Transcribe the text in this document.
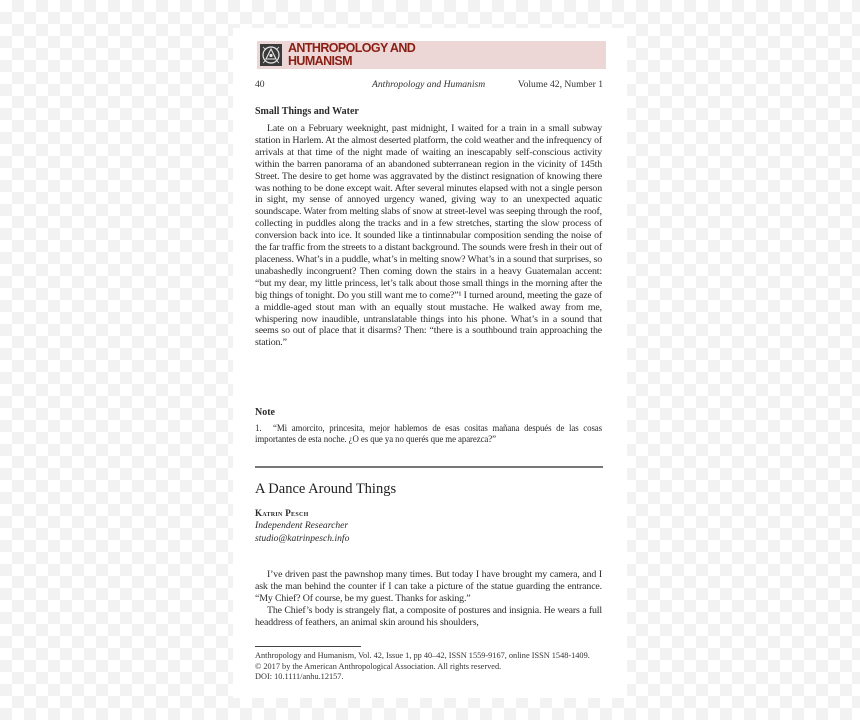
ANTHROPOLOGY AND
HUMANISM
40	Anthropology and Humanism	Volume 42, Number 1
Small Things and Water

Late on a February weeknight, past midnight, I waited for a train in a small subway station in Harlem. At the almost deserted platform, the cold weather and the infrequency of arrivals at that time of the night made of waiting an inescapably self-conscious activity within the barren panorama of an abandoned subterranean region in the vicinity of 145th Street. The desire to get home was aggravated by the distinct resignation of knowing there was nothing to be done except wait. After several minutes elapsed with not a single person in sight, my sense of annoyed urgency waned, giving way to an unexpected aquatic soundscape. Water from melting slabs of snow at street-level was seeping through the roof, collecting in puddles along the tracks and in a few stretches, starting the slow process of conversion back into ice. It sounded like a tintinnabular composition sending the noise of the far traffic from the streets to a distant background. The sounds were fresh in their out of placeness. What’s in a puddle, what’s in melting snow? What’s in a sound that surprises, so unabashedly incongruent? Then coming down the stairs in a heavy Guatemalan accent: “but my dear, my little princess, let’s talk about those small things in the morning after the big things of tonight. Do you still want me to come?”¹ I turned around, meeting the gaze of a middle-aged stout man with an equally stout mustache. He walked away from me, whispering now inaudible, untranslatable things into his phone. What’s in a sound that seems so out of place that it disarms? Then: “there is a southbound train approaching the station.”

Note
1. “Mi amorcito, princesita, mejor hablemos de esas cositas mañana después de las cosas importantes de esta noche. ¿O es que ya no querés que me aparezca?”
A Dance Around Things
Katrin Pesch
Independent Researcher
studio@katrinpesch.info

I’ve driven past the pawnshop many times. But today I have brought my camera, and I ask the man behind the counter if I can take a picture of the statue guarding the entrance. “My Chief? Of course, be my guest. Thanks for asking.”

The Chief’s body is strangely flat, a composite of postures and insignia. He wears a full headdress of feathers, an animal skin around his shoulders,

Anthropology and Humanism, Vol. 42, Issue 1, pp 40–42, ISSN 1559-9167, online ISSN 1548-1409.
© 2017 by the American Anthropological Association. All rights reserved.
DOI: 10.1111/anhu.12157.
